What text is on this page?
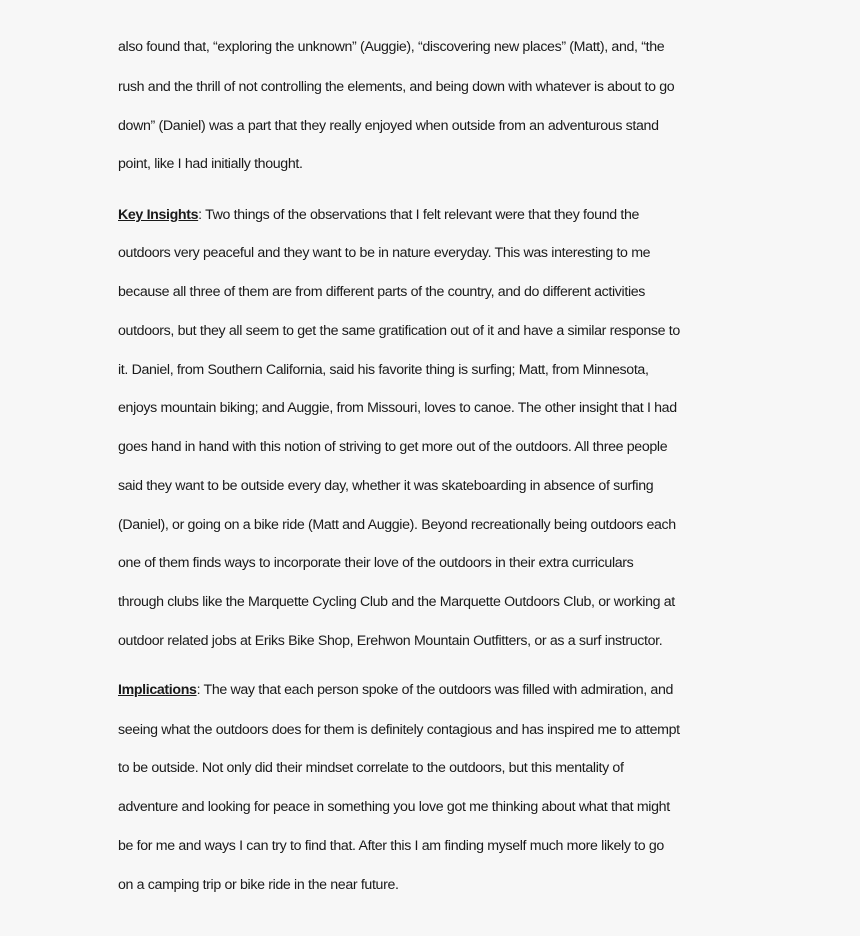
also found that, “exploring the unknown” (Auggie), “discovering new places” (Matt), and, “the
rush and the thrill of not controlling the elements, and being down with whatever is about to go
down” (Daniel) was a part that they really enjoyed when outside from an adventurous stand
point, like I had initially thought.
Key Insights: Two things of the observations that I felt relevant were that they found the
outdoors very peaceful and they want to be in nature everyday. This was interesting to me
because all three of them are from different parts of the country, and do different activities
outdoors, but they all seem to get the same gratification out of it and have a similar response to
it. Daniel, from Southern California, said his favorite thing is surfing; Matt, from Minnesota,
enjoys mountain biking; and Auggie, from Missouri, loves to canoe. The other insight that I had
goes hand in hand with this notion of striving to get more out of the outdoors. All three people
said they want to be outside every day, whether it was skateboarding in absence of surfing
(Daniel), or going on a bike ride (Matt and Auggie). Beyond recreationally being outdoors each
one of them finds ways to incorporate their love of the outdoors in their extra curriculars
through clubs like the Marquette Cycling Club and the Marquette Outdoors Club, or working at
outdoor related jobs at Eriks Bike Shop, Erehwon Mountain Outfitters, or as a surf instructor.
Implications: The way that each person spoke of the outdoors was filled with admiration, and
seeing what the outdoors does for them is definitely contagious and has inspired me to attempt
to be outside. Not only did their mindset correlate to the outdoors, but this mentality of
adventure and looking for peace in something you love got me thinking about what that might
be for me and ways I can try to find that. After this I am finding myself much more likely to go
on a camping trip or bike ride in the near future.
